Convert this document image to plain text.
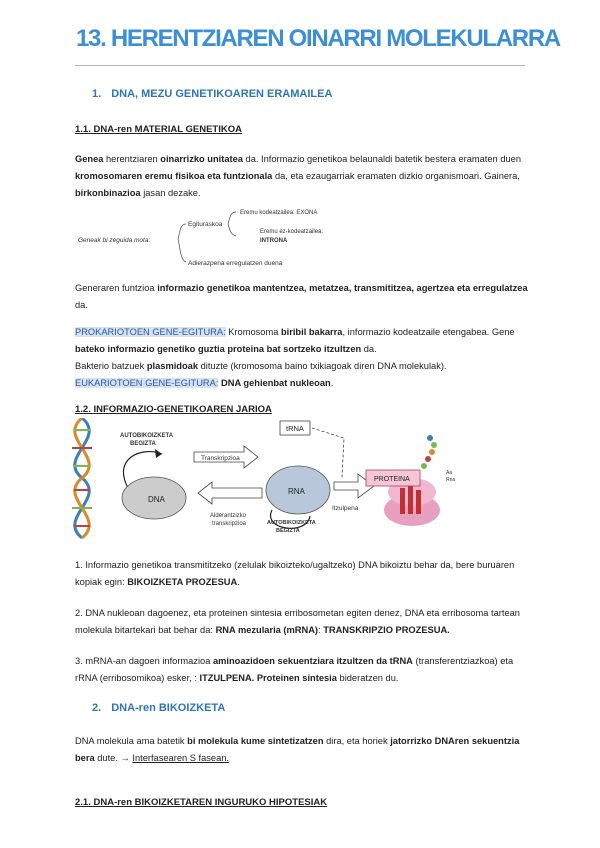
13. HERENTZIAREN OINARRI MOLEKULARRA
1. DNA, MEZU GENETIKOAREN ERAMAILEA
1.1. DNA-ren MATERIAL GENETIKOA
Genea herentziaren oinarrizko unitatea da. Informazio genetikoa belaunaldi batetik bestera eramaten duen kromosomaren eremu fisikoa eta funtzionala da, eta ezaugarriak eramaten dizkio organismoari. Gainera, birkonbinazioa jasan dezake.
Geneak bi zeguida mota:
Egituraskoa
Adierazpena erregulatzen duena
Eremu kodeatzailea: EXONA
Eremu ez-kodeatzailea:
INTRONA
Generaren funtzioa informazio genetikoa mantentzea, metatzea, transmititzea, agertzea eta erregulatzea da.
PROKARIOTOEN GENE-EGITURA: Kromosoma biribil bakarra, informazio kodeatzaile etengabea. Gene bateko informazio genetiko guztia proteina bat sortzeko itzultzen da.
Bakterio batzuek plasmidoak dituzte (kromosoma baino txikiagoak diren DNA molekulak).
EUKARIOTOEN GENE-EGITURA: DNA gehienbat nukleoan.
1.2. INFORMAZIO-GENETIKOAREN JARIOA
AUTOBIKOIZKETA
BEGIZTA
DNA
Transkripzioa
Alderantzizko
transkripzioa
tRNA
RNA
AUTOBIKOIZKETA
BEGIZTA
Itzulpena
PROTEINA
Aa
Rna
1. Informazio genetikoa transmititzeko (zelulak bikoizteko/ugaltzeko) DNA bikoiztu behar da, bere buruaren kopiak egin: BIKOIZKETA PROZESUA.
2. DNA nukleoan dagoenez, eta proteinen sintesia erribosometan egiten denez, DNA eta erribosoma tartean molekula bitartekari bat behar da: RNA mezularia (mRNA): TRANSKRIPZIO PROZESUA.
3. mRNA-an dagoen informazioa aminoazidoen sekuentziara itzultzen da tRNA (transferentziazkoa) eta rRNA (erribosomikoa) esker, : ITZULPENA. Proteinen sintesia bideratzen du.
2. DNA-ren BIKOIZKETA
DNA molekula ama batetik bi molekula kume sintetizatzen dira, eta horiek jatorrizko DNAren sekuentzia bera dute. → Interfasearen S fasean.
2.1. DNA-ren BIKOIZKETAREN INGURUKO HIPOTESIAK
